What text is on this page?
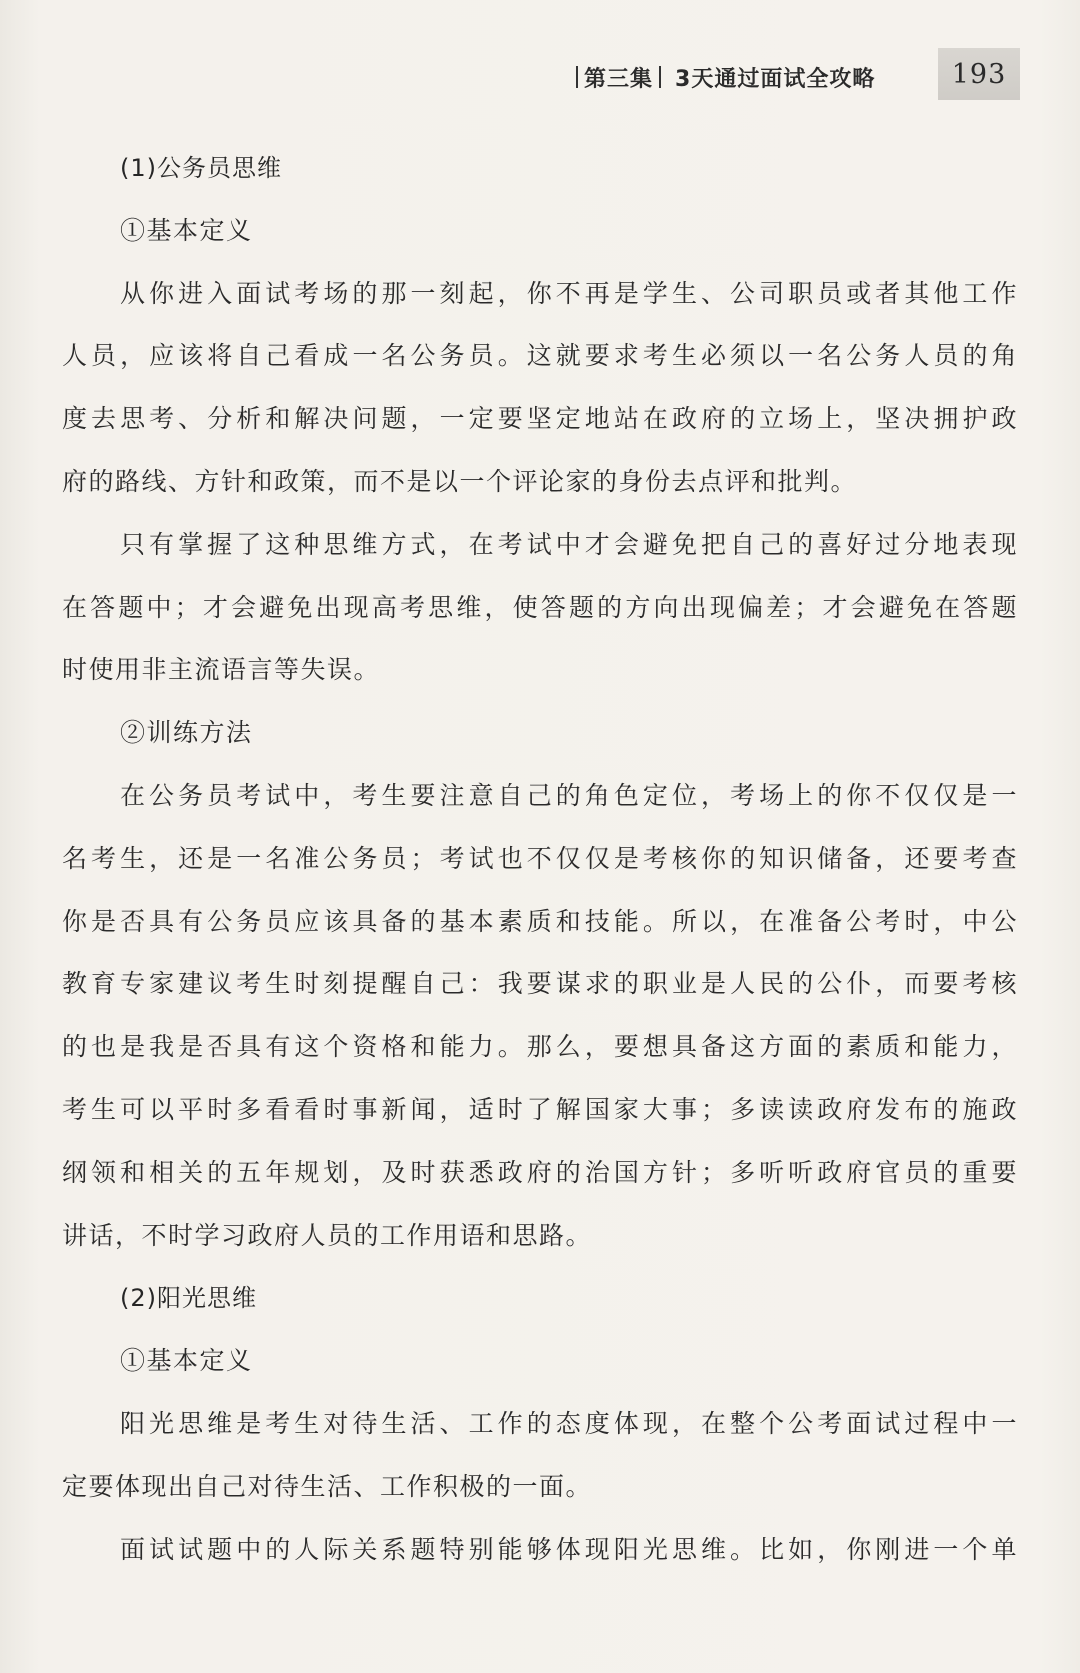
第三集 3天通过面试全攻略	193
(1)公务员思维
①基本定义
从你进入面试考场的那一刻起，你不再是学生、公司职员或者其他工作
人员，应该将自己看成一名公务员。这就要求考生必须以一名公务人员的角
度去思考、分析和解决问题，一定要坚定地站在政府的立场上，坚决拥护政
府的路线、方针和政策，而不是以一个评论家的身份去点评和批判。
只有掌握了这种思维方式，在考试中才会避免把自己的喜好过分地表现
在答题中；才会避免出现高考思维，使答题的方向出现偏差；才会避免在答题
时使用非主流语言等失误。
②训练方法
在公务员考试中，考生要注意自己的角色定位，考场上的你不仅仅是一
名考生，还是一名准公务员；考试也不仅仅是考核你的知识储备，还要考查
你是否具有公务员应该具备的基本素质和技能。所以，在准备公考时，中公
教育专家建议考生时刻提醒自己：我要谋求的职业是人民的公仆，而要考核
的也是我是否具有这个资格和能力。那么，要想具备这方面的素质和能力，
考生可以平时多看看时事新闻，适时了解国家大事；多读读政府发布的施政
纲领和相关的五年规划，及时获悉政府的治国方针；多听听政府官员的重要
讲话，不时学习政府人员的工作用语和思路。
(2)阳光思维
①基本定义
阳光思维是考生对待生活、工作的态度体现，在整个公考面试过程中一
定要体现出自己对待生活、工作积极的一面。
面试试题中的人际关系题特别能够体现阳光思维。比如，你刚进一个单
